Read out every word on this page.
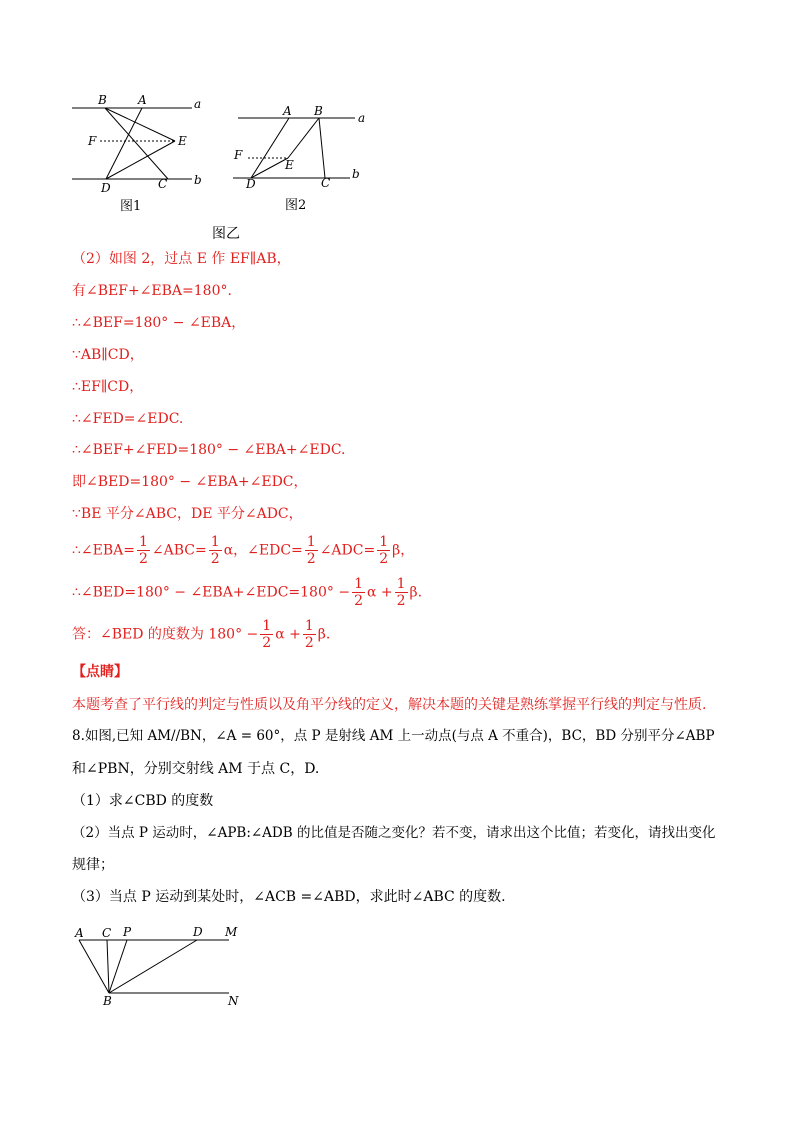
B	A	a
F	E
D	C b
图1
A B	a
F
E
D	C
b
图2
图乙
（2）如图 2，过点 E 作 EF∥AB，
有∠BEF+∠EBA=180°.
∴∠BEF=180° − ∠EBA，
∵AB∥CD，
∴EF∥CD，
∴∠FED=∠EDC.
∴∠BEF+∠FED=180° − ∠EBA+∠EDC.
即∠BED=180° − ∠EBA+∠EDC，
∵BE 平分∠ABC，DE 平分∠ADC，
∴∠EBA= $\frac{1}{2}$ ∠ABC= $\frac{1}{2}$ α，∠EDC= $\frac{1}{2}$ ∠ADC= $\frac{1}{2}$ β，
∴∠BED=180° − ∠EBA+∠EDC=180° − $\frac{1}{2}$ $\alpha + \frac{1}{2} \beta$.
答：∠BED 的度数为 $180^\circ - \frac{1}{2}$ $\alpha + \frac{1}{2} \beta$.
【点睛】
本题考查了平行线的判定与性质以及角平分线的定义，解决本题的关键是熟练掌握平行线的判定与性质.
8.如图,已知 AM//BN，∠A = 60°，点 P 是射线 AM 上一动点(与点 A 不重合)，BC，BD 分别平分∠ABP
和∠PBN，分别交射线 AM 于点 C，D.
（1）求∠CBD 的度数
（2）当点 P 运动时，∠APB:∠ADB 的比值是否随之变化？若不变，请求出这个比值；若变化，请找出变化
规律；
（3）当点 P 运动到某处时，∠ACB =∠ABD，求此时∠ABC 的度数.
A C P	D M
B	N
